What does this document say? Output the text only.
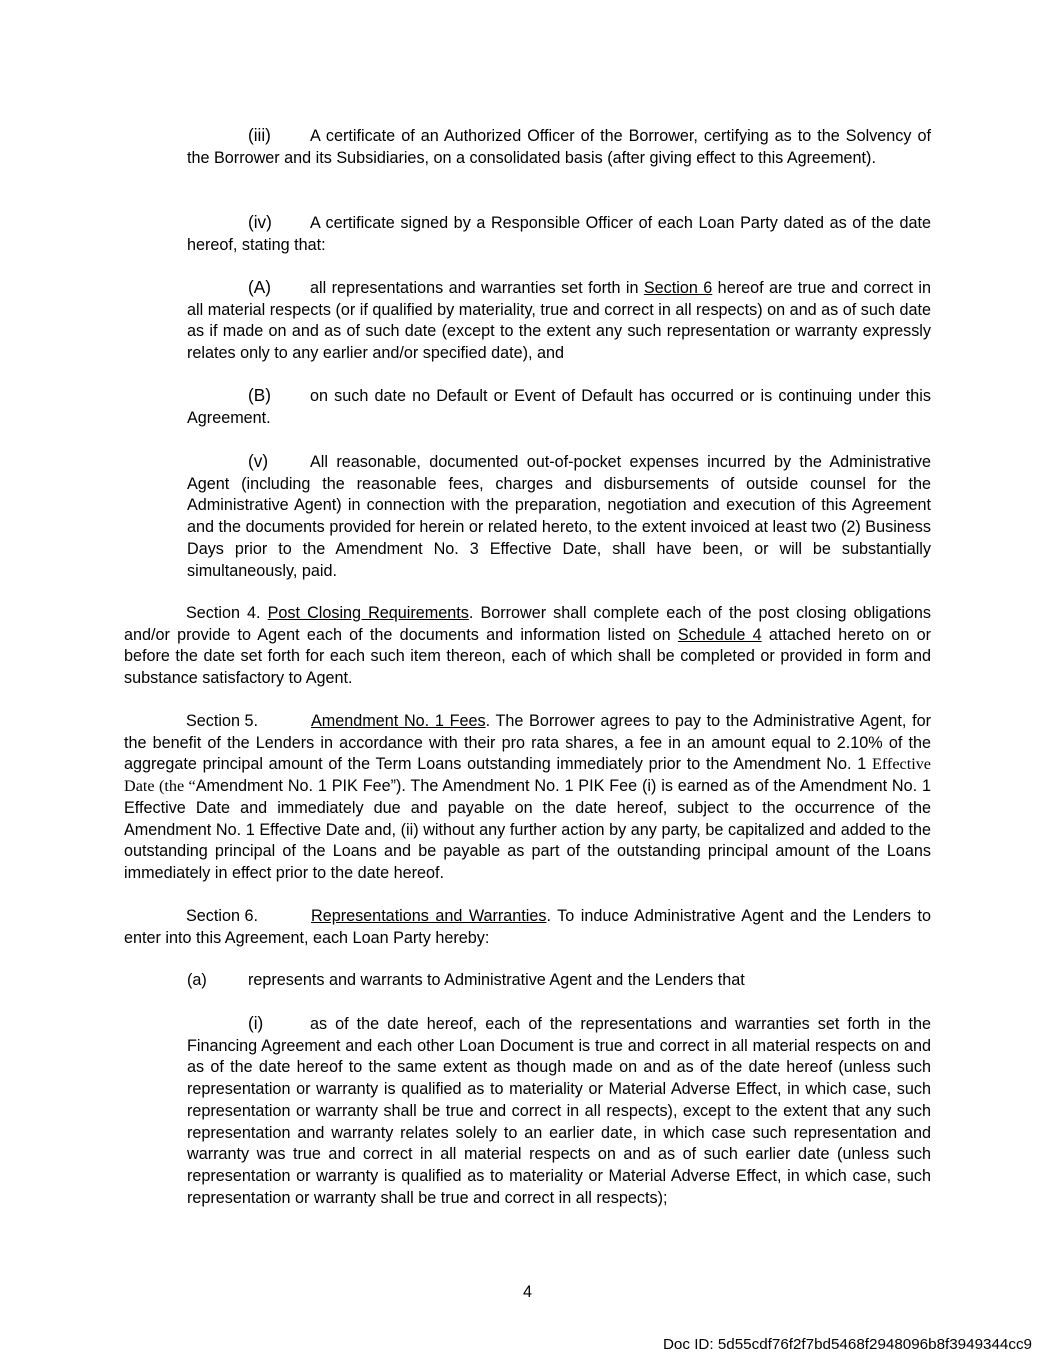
(iii) A certificate of an Authorized Officer of the Borrower, certifying as to the Solvency of the Borrower and its Subsidiaries, on a consolidated basis (after giving effect to this Agreement).

(iv) A certificate signed by a Responsible Officer of each Loan Party dated as of the date hereof, stating that:

(A) all representations and warranties set forth in Section 6 hereof are true and correct in all material respects (or if qualified by materiality, true and correct in all respects) on and as of such date as if made on and as of such date (except to the extent any such representation or warranty expressly relates only to any earlier and/or specified date), and

(B) on such date no Default or Event of Default has occurred or is continuing under this Agreement.

(v)	All reasonable, documented out-of-pocket expenses incurred by the Administrative Agent (including the reasonable fees, charges and disbursements of outside counsel for the Administrative Agent) in connection with the preparation, negotiation and execution of this Agreement and the documents provided for herein or related hereto, to the extent invoiced at least two (2) Business Days prior to the Amendment No. 3 Effective Date, shall have been, or will be substantially simultaneously, paid.

Section 4. Post Closing Requirements. Borrower shall complete each of the post closing obligations and/or provide to Agent each of the documents and information listed on Schedule 4 attached hereto on or before the date set forth for each such item thereon, each of which shall be completed or provided in form and substance satisfactory to Agent.

Section 5.	Amendment No. 1 Fees. The Borrower agrees to pay to the Administrative Agent, for the benefit of the Lenders in accordance with their pro rata shares, a fee in an amount equal to 2.10% of the aggregate principal amount of the Term Loans outstanding immediately prior to the Amendment No. 1 Effective Date (the “Amendment No. 1 PIK Fee”). The Amendment No. 1 PIK Fee (i) is earned as of the Amendment No. 1 Effective Date and immediately due and payable on the date hereof, subject to the occurrence of the Amendment No. 1 Effective Date and, (ii) without any further action by any party, be capitalized and added to the outstanding principal of the Loans and be payable as part of the outstanding principal amount of the Loans immediately in effect prior to the date hereof.

Section 6.	Representations and Warranties. To induce Administrative Agent and the Lenders to enter into this Agreement, each Loan Party hereby:

(a)	represents and warrants to Administrative Agent and the Lenders that

(i)	as of the date hereof, each of the representations and warranties set forth in the Financing Agreement and each other Loan Document is true and correct in all material respects on and as of the date hereof to the same extent as though made on and as of the date hereof (unless such representation or warranty is qualified as to materiality or Material Adverse Effect, in which case, such representation or warranty shall be true and correct in all respects), except to the extent that any such representation and warranty relates solely to an earlier date, in which case such representation and warranty was true and correct in all material respects on and as of such earlier date (unless such representation or warranty is qualified as to materiality or Material Adverse Effect, in which case, such representation or warranty shall be true and correct in all respects);

4

Doc ID: 5d55cdf76f2f7bd5468f2948096b8f3949344cc9
